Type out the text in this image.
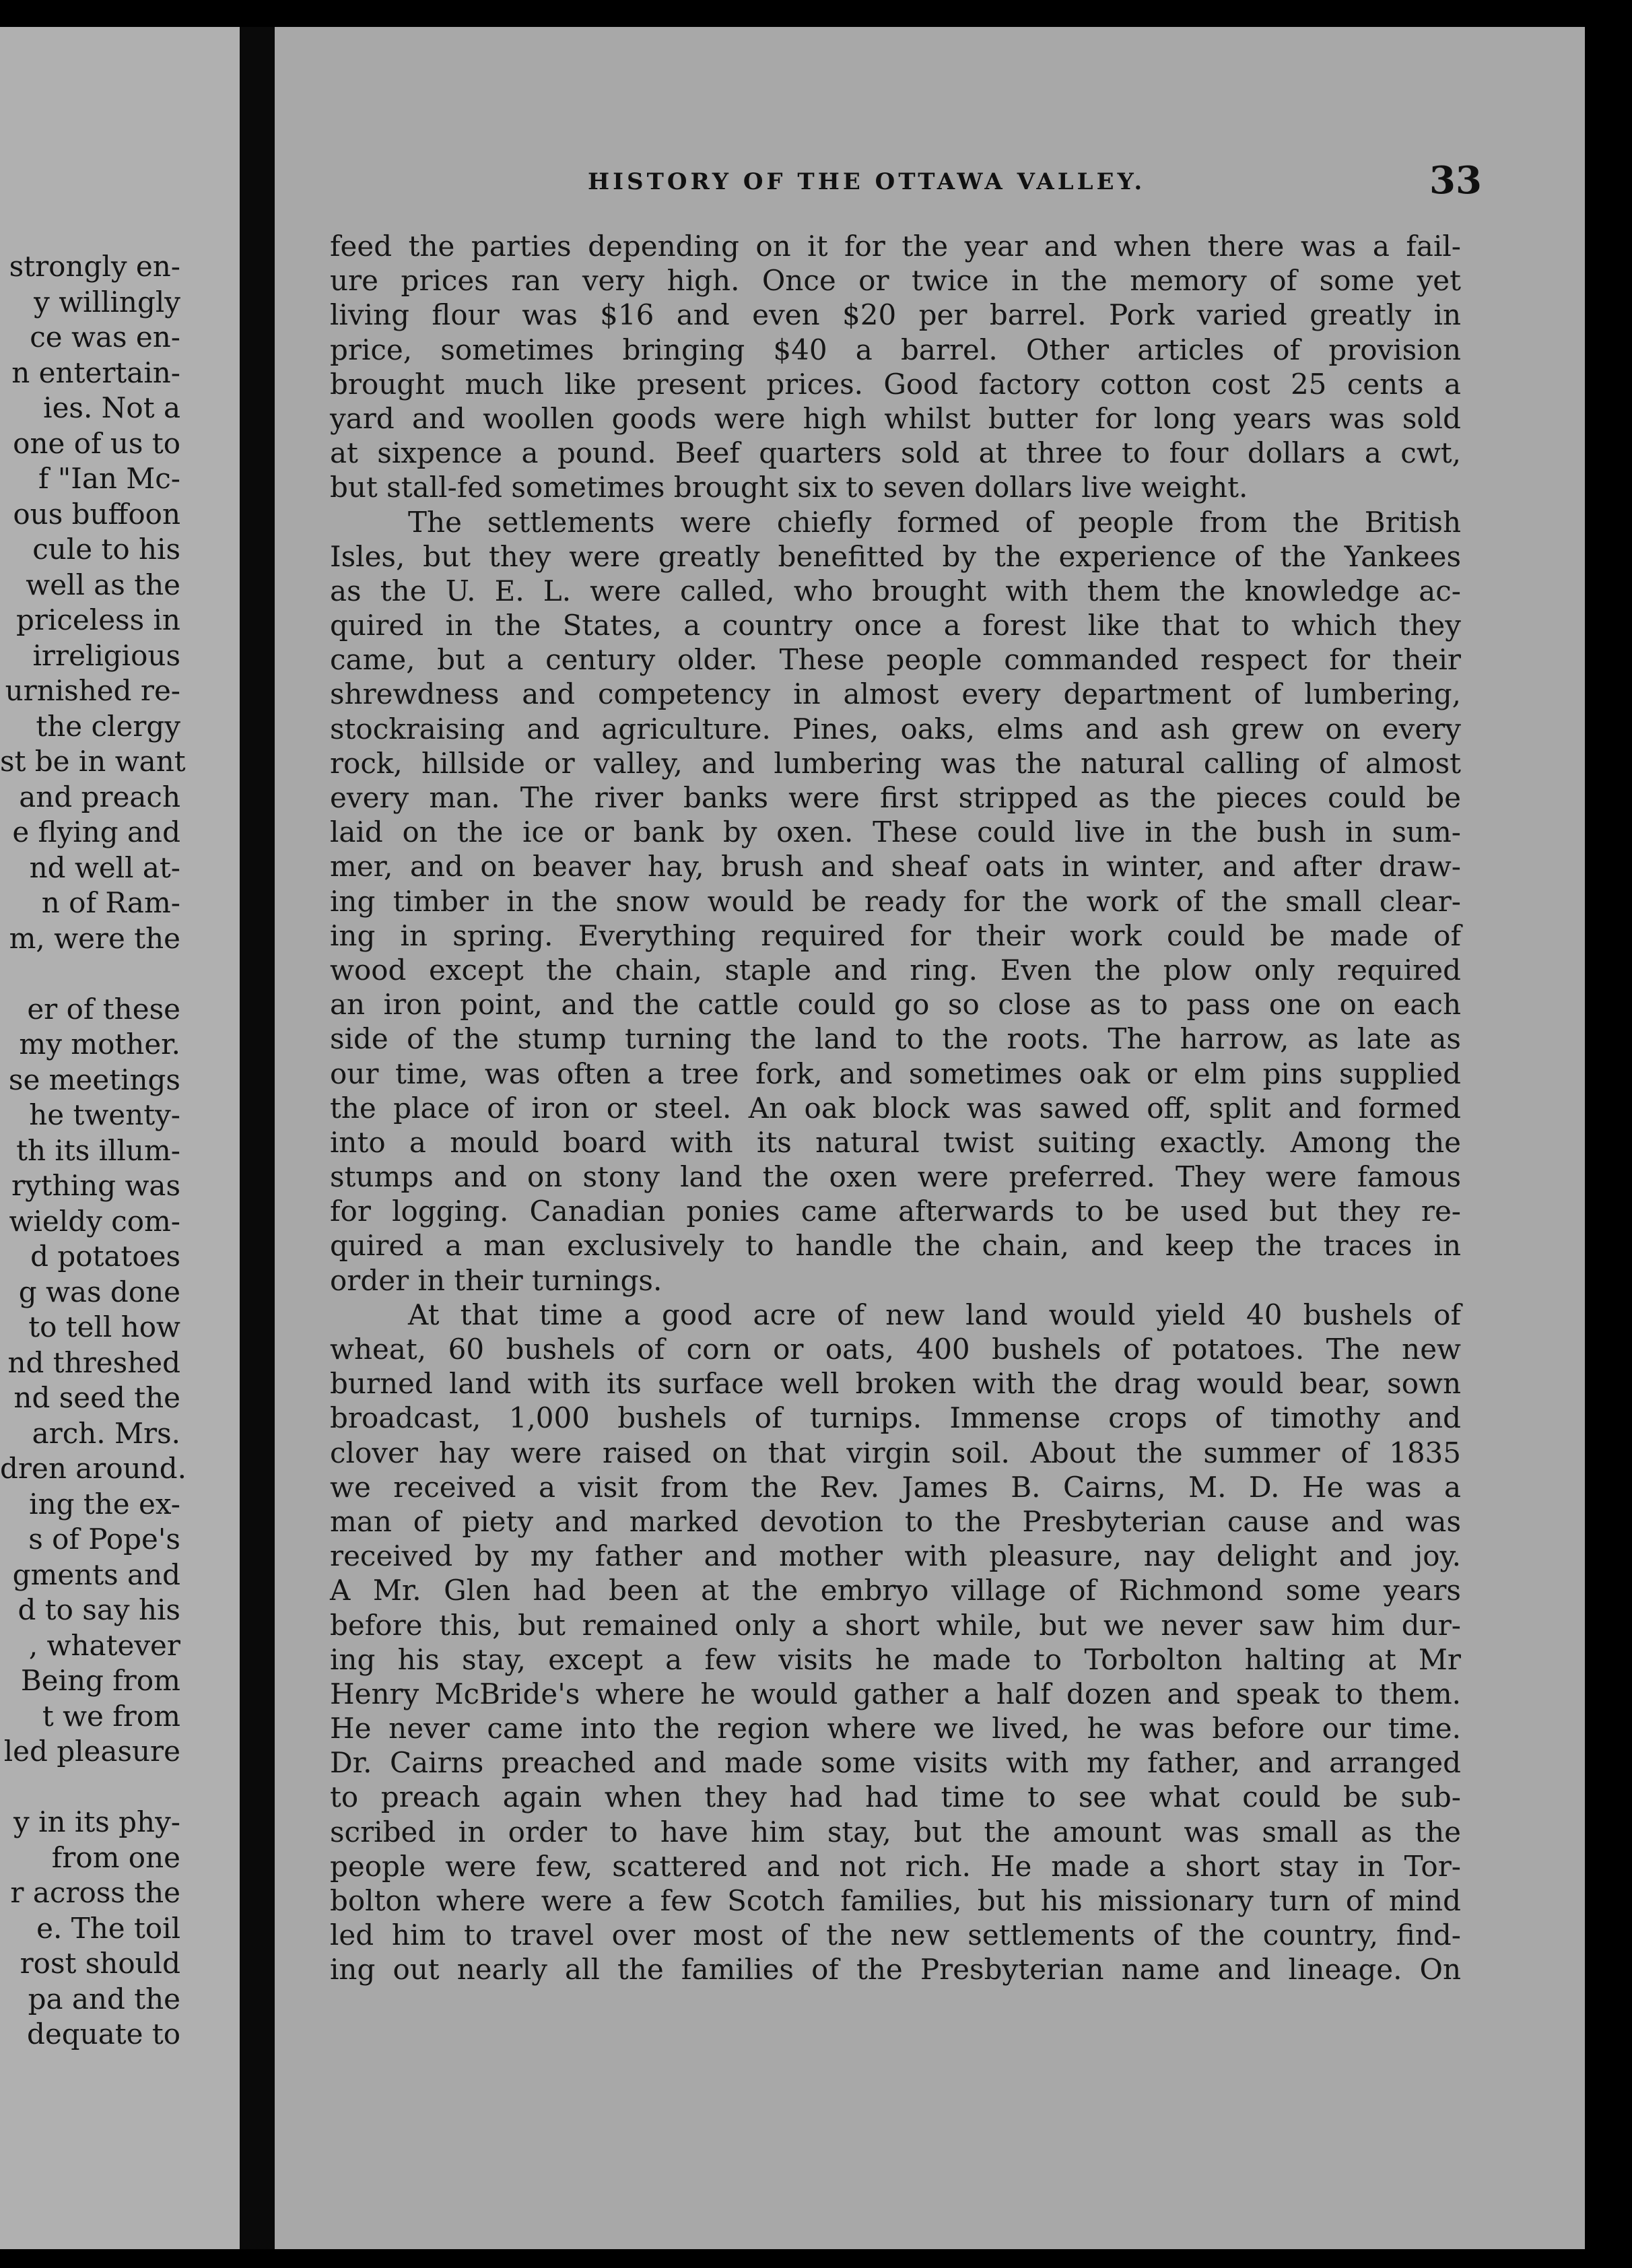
strongly en-
y willingly
ce was en-
n entertain-
ies. Not a
one of us to
f "Ian Mc-
ous buffoon
cule to his
well as the
priceless in
irreligious
urnished re-
the clergy
st be in want
and preach
e flying and
nd well at-
n of Ram-
m, were the
er of these
my mother.
se meetings
he twenty-
th its illum-
rything was
wieldy com-
d potatoes
g was done
to tell how
nd threshed
nd seed the
arch. Mrs.
dren around.
ing the ex-
s of Pope's
gments and
d to say his
, whatever
Being from
t we from
led pleasure
y in its phy-
from one
r across the
e. The toil
rost should
pa and the
dequate to
HISTORY OF THE OTTAWA VALLEY.	33
feed the parties depending on it for the year and when there was a fail-
ure prices ran very high. Once or twice in the memory of some yet
living flour was $16 and even $20 per barrel. Pork varied greatly in
price, sometimes bringing $40 a barrel. Other articles of provision
brought much like present prices. Good factory cotton cost 25 cents a
yard and woollen goods were high whilst butter for long years was sold
at sixpence a pound. Beef quarters sold at three to four dollars a cwt,
but stall-fed sometimes brought six to seven dollars live weight.
The settlements were chiefly formed of people from the British
Isles, but they were greatly benefitted by the experience of the Yankees
as the U. E. L. were called, who brought with them the knowledge ac-
quired in the States, a country once a forest like that to which they
came, but a century older. These people commanded respect for their
shrewdness and competency in almost every department of lumbering,
stockraising and agriculture. Pines, oaks, elms and ash grew on every
rock, hillside or valley, and lumbering was the natural calling of almost
every man. The river banks were first stripped as the pieces could be
laid on the ice or bank by oxen. These could live in the bush in sum-
mer, and on beaver hay, brush and sheaf oats in winter, and after draw-
ing timber in the snow would be ready for the work of the small clear-
ing in spring. Everything required for their work could be made of
wood except the chain, staple and ring. Even the plow only required
an iron point, and the cattle could go so close as to pass one on each
side of the stump turning the land to the roots. The harrow, as late as
our time, was often a tree fork, and sometimes oak or elm pins supplied
the place of iron or steel. An oak block was sawed off, split and formed
into a mould board with its natural twist suiting exactly. Among the
stumps and on stony land the oxen were preferred. They were famous
for logging. Canadian ponies came afterwards to be used but they re-
quired a man exclusively to handle the chain, and keep the traces in
order in their turnings.
At that time a good acre of new land would yield 40 bushels of
wheat, 60 bushels of corn or oats, 400 bushels of potatoes. The new
burned land with its surface well broken with the drag would bear, sown
broadcast, 1,000 bushels of turnips. Immense crops of timothy and
clover hay were raised on that virgin soil. About the summer of 1835
we received a visit from the Rev. James B. Cairns, M. D. He was a
man of piety and marked devotion to the Presbyterian cause and was
received by my father and mother with pleasure, nay delight and joy.
A Mr. Glen had been at the embryo village of Richmond some years
before this, but remained only a short while, but we never saw him dur-
ing his stay, except a few visits he made to Torbolton halting at Mr
Henry McBride's where he would gather a half dozen and speak to them.
He never came into the region where we lived, he was before our time.
Dr. Cairns preached and made some visits with my father, and arranged
to preach again when they had had time to see what could be sub-
scribed in order to have him stay, but the amount was small as the
people were few, scattered and not rich. He made a short stay in Tor-
bolton where were a few Scotch families, but his missionary turn of mind
led him to travel over most of the new settlements of the country, find-
ing out nearly all the families of the Presbyterian name and lineage. On
